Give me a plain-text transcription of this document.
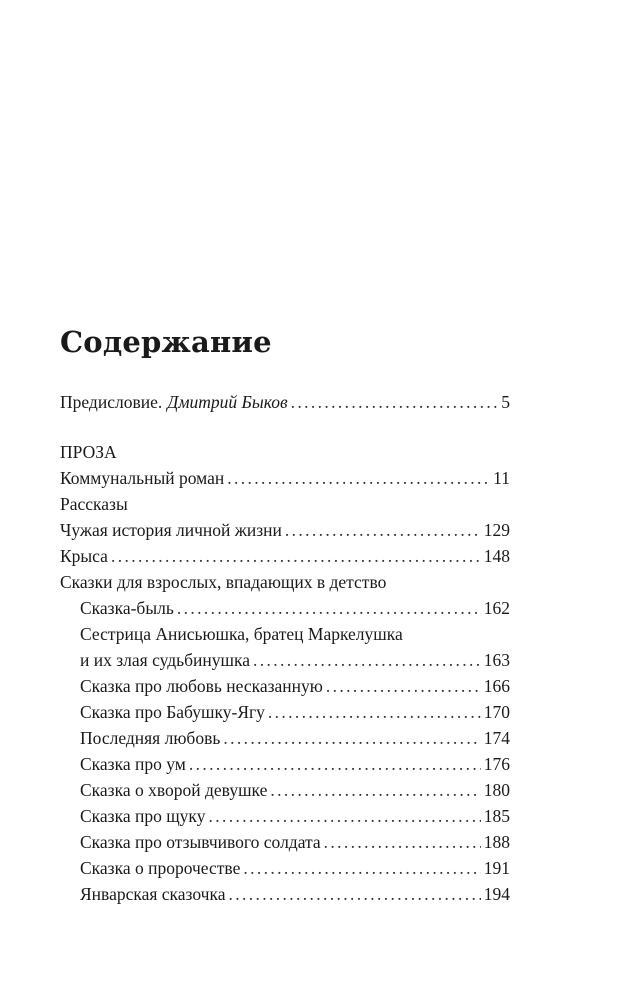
Содержание
Предисловие. Дмитрий Быков . . .	5
ПРОЗА
Коммунальный роман . . .	11
Рассказы
Чужая история личной жизни . . .	129
Крыса . . .	148
Сказки для взрослых, впадающих в детство
Сказка-быль . . .	162
Сестрица Анисьюшка, братец Маркелушка
и их злая судьбинушка . . .	163
Сказка про любовь несказанную . . .	166
Сказка про Бабушку-Ягу . . .	170
Последняя любовь . . .	174
Сказка про ум . . .	176
Сказка о хворой девушке . . .	180
Сказка про щуку . . .	185
Сказка про отзывчивого солдата . . .	188
Сказка о пророчестве . . .	191
Январская сказочка . . .	194
